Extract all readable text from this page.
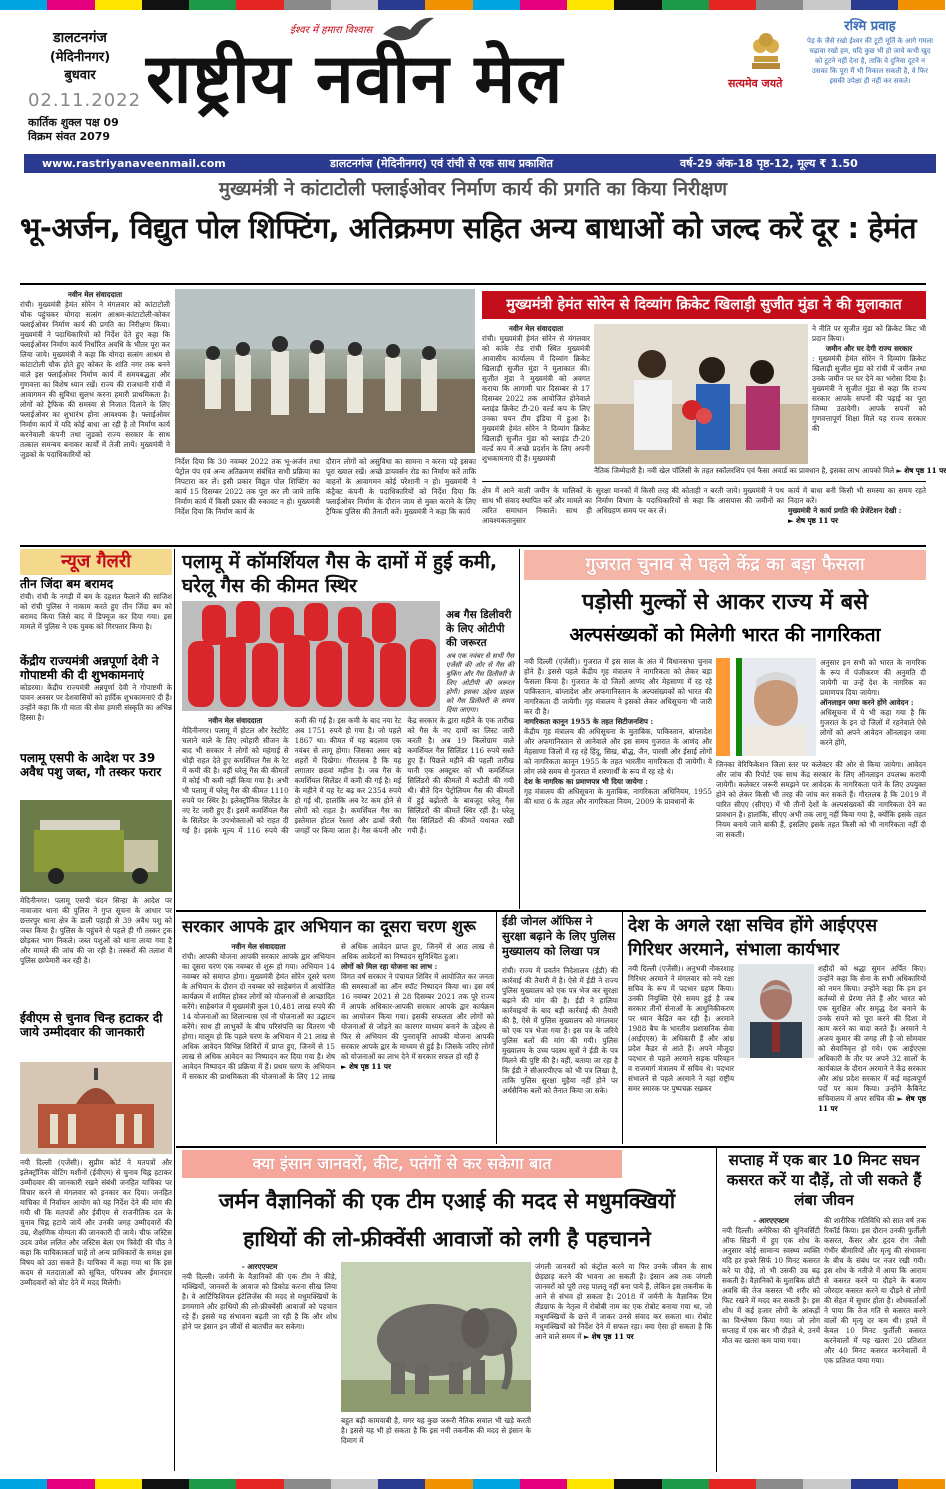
डालटनगंज
(मेदिनीनगर)
बुधवार
02.11.2022
कार्तिक शुक्ल पक्ष 09
विक्रम संवत 2079
ईश्वर में हमारा विश्वास
राष्ट्रीय नवीन मेल	सत्यमेव जयते
रश्मि प्रवाह
पेड़ के जैसे रखो ईश्वर की टूटी मूर्ति के आगे गमला चढ़ावा रखो हम, यदि कुछ भी हो जाये कभी खुद को टूटने नहीं देना है, ताकि वे दुनिया दूटने न उसका कि पूरा मैं भी निकाल सकती है, वे फिर इसकी उपेक्षा ही नहीं कर सकते।
www.rastriyanaveenmail.com	डालटनगंज (मेदिनीनगर) एवं रांची से एक साथ प्रकाशित	वर्ष-29 अंक-18 पृष्ठ-12, मूल्य ₹ 1.50
मुख्यमंत्री ने कांटाटोली फ्लाईओवर निर्माण कार्य की प्रगति का किया निरीक्षण
भू-अर्जन, विद्युत पोल शिफ्टिंग, अतिक्रमण सहित अन्य बाधाओं को जल्द करें दूर : हेमंत
नवीन मेल संवाददाता
रांची। मुख्यमंत्री हेमंत सोरेन ने मंगलवार को कांटाटोली चौक पहुंचकर योगदा सत्संग आश्रम-कांटाटोली-कोकर फ्लाईओवर निर्माण कार्य की प्रगति का निरीक्षण किया। मुख्यमंत्री ने पदाधिकारियों को निर्देश देते हुए कहा कि फ्लाईओवर निर्माण कार्य निर्धारित अवधि के भीतर पूरा कर लिया जाये। मुख्यमंत्री ने कहा कि योगदा सत्संग आश्रम से कांटाटोली चौक होते हुए कोकर के शांति नगर तक बनने वाले इस फ्लाईओवर निर्माण कार्य में समयबद्धता और गुणवत्ता का विशेष ध्यान रखें। राज्य की राजधानी रांची में आवागमन की सुविधा सुलभ करना हमारी प्राथमिकता है। लोगों को ट्रैफिक की समस्या से निजात दिलाने के लिए फ्लाईओवर का शुभारंभ होना आवश्यक है। फ्लाईओवर निर्माण कार्य में यदि कोई बाधा आ रही है तो निर्माण कार्य करनेवाली कंपनी तथा जुडको राज्य सरकार के साथ तत्काल समन्वय बनाकर कार्यों में तेजी लायें। मुख्यमंत्री ने जुडको के पदाधिकारियों को
निर्देश दिया कि 30 नवम्बर 2022 तक भू-अर्जन तथा पेट्रोल पंप एवं अन्य अतिक्रमण संबंधित सभी प्रक्रिया का निपटारा कर लें। इसी प्रकार विद्युत पोल शिफ्टिंग का कार्य 15 दिसम्बर 2022 तक पूरा कर ली जाये ताकि निर्माण कार्य में किसी प्रकार की रुकावट न हो। मुख्यमंत्री निर्देश दिया कि निर्माण कार्य के
दौरान लोगों को असुविधा का सामना न करना पड़े इसका पूरा ख्याल रखें। अच्छे डायवर्सन रोड का निर्माण करें ताकि वाहनों के आवागमन कोई परेशानी न हो। मुख्यमंत्री ने कंट्रैक्ट कंपनी के पदाधिकारियों को निर्देश दिया कि फ्लाईओवर निर्माण के दौरान जाम से मुक्त कराने के लिए ट्रैफिक पुलिस की तैनाती करें। मुख्यमंत्री ने कहा कि कार्य
मुख्यमंत्री हेमंत सोरेन से दिव्यांग क्रिकेट खिलाड़ी सुजीत मुंडा ने की मुलाकात
नवीन मेल संवाददाता
रांची। मुख्यमंत्री हेमंत सोरेन से मंगलवार को कांके रोड रांची स्थित मुख्यमंत्री आवासीय कार्यालय में दिव्यांग क्रिकेट खिलाड़ी सुजीत मुंडा ने मुलाकात की। सुजीत मुंडा ने मुख्यमंत्री को अवगत कराया कि आगामी चार दिसम्बर से 17 दिसम्बर 2022 तक आयोजित होनेवाले ब्लाइंड क्रिकेट टी-20 वर्ल्ड कप के लिए उनका चयन टीम इंडिया में हुआ है। मुख्यमंत्री हेमंत सोरेन ने दिव्यांग क्रिकेट खिलाड़ी सुजीत मुंडा को ब्लाइंड टी-20 वर्ल्ड कप में अच्छे प्रदर्शन के लिए अपनी शुभकामनाएं दीं हैं। मुख्यमंत्री
ने नीति पर सुजीत मुंडा को क्रिकेट किट भी प्रदान किया।
जमीन और घर देगी राज्य सरकार
: मुख्यमंत्री हेमंत सोरेन ने दिव्यांग क्रिकेट खिलाड़ी सुजीत मुंडा को रांची में जमीन तथा उनके जमीन पर घर देने का भरोसा दिया है। मुख्यमंत्री ने सुजीत मुंडा से कहा कि राज्य सरकार आपके सपनों की पढ़ाई का पूरा जिम्मा उठायेगी। आपके सपनों को गुणवत्तापूर्ण शिक्षा मिले यह राज्य सरकार की
नैतिक जिम्मेदारी है। नवी खेल पॉलिसी के तहत स्कॉलरशिप एवं फैसा अवार्ड का प्रावधान है, इसका लाभ आपको मिले ► शेष पृष्ठ 11 पर
क्षेत्र में आने वाली जमीन के मालिकों के साथ भी संवाद स्थापित करें और मामले का त्वरित समाधान निकालें। साथ ही आवश्यकतानुसार
सुरक्षा मानकों में किसी तरह की कोताही न बरती जाये। मुख्यमंत्री ने पथ निर्माण विभाग के पदाधिकारियों से कहा कि आसपास की जमीनों का अधिग्रहण समय पर कर लें।
कार्य में बाधा बनी किसी भी समस्या का समय रहते निदान करें।
मुख्यमंत्री ने कार्य प्रगति की प्रेजेंटेशन देखी :
► शेष पृष्ठ 11 पर
न्यूज गैलरी
तीन जिंदा बम बरामद
रांची। रांची के नगड़ी में बम के दहशत फैलाने की साजिश को रांची पुलिस ने नाकाम करते हुए तीन जिंदा बम को बरामद किया जिसे बाद में डिफ्यूज कर दिया गया। इस मामले में पुलिस ने एक युवक को गिरफ्तार किया है।
केंद्रीय राज्यमंत्री अन्नपूर्णा देवी ने गोपाष्टमी की दी शुभकामनाएं
कोडरमा। केंद्रीय राज्यमंत्री अन्नपूर्णा देवी ने गोपाष्टमी के पावन अवसर पर देशवासियों को हार्दिक शुभकामनाएं दी हैं। उन्होंने कहा कि गौ माता की सेवा हमारी संस्कृति का अभिन्न हिस्सा है।
पलामू एसपी के आदेश पर 39 अवैध पशु जब्त, गौ तस्कर फरार
मेदिनीनगर। पलामू एसपी चंदन सिन्हा के आदेश पर नावाजार थाना की पुलिस ने गुप्त सूचना के आधार पर छत्तरपुर थाना क्षेत्र के डाली पहाड़ी से 39 अवैध पशु को जब्त किया है। पुलिस के पहुंचने से पहले ही गौ तस्कर ट्रक छोड़कर भाग निकले। जब्त पशुओं को थाना लाया गया है और मामले की जांच की जा रही है। तस्करों की तलाश में पुलिस छापेमारी कर रही है।
ईवीएम से चुनाव चिन्ह हटाकर दी जाये उम्मीदवार की जानकारी
नयी दिल्ली (एजेंसी)। सुप्रीम कोर्ट ने मतपत्रों और इलेक्ट्रॉनिक वोटिंग मशीनों (ईवीएम) से चुनाव चिह्न हटाकर उम्मीदवार की जानकारी रखने संबंधी जनहित याचिका पर विचार करने से मंगलवार को इनकार कर दिया। जनहित याचिका में निर्वाचन आयोग को यह निर्देश देने की मांग की गयी थी कि मतपत्रों और ईवीएम से राजनीतिक दल के चुनाव चिह्न हटाये जायें और उनकी जगह उम्मीदवारों की उम्र, शैक्षणिक योग्यता की जानकारी दी जाये। चीफ जस्टिस उदय उमेश ललित और जस्टिस बेला एम त्रिवेदी की पीठ ने कहा कि याचिकाकर्ता चाहें तो अन्य प्राधिकारों के समक्ष इस विषय को उठा सकते हैं। याचिका में कहा गया था कि इस कदम से मतदाताओं को सूचित, परिपक्व और ईमानदार उम्मीदवारों को वोट देने में मदद मिलेगी।
पलामू में कॉमर्शियल गैस के दामों में हुई कमी, घरेलू गैस की कीमत स्थिर
अब गैस डिलीवरी के लिए ओटीपी की जरूरत
अब एक नवंबर से सभी गैस एजेंसी की ओर से गैस की बुकिंग और गैस डिलीवरी के लिए ओटीपी की जरूरत होगी। इसका उद्देश्य ग्राहक को गैस डिलीवरी के समय दिया जाएगा।
नवीन मेल संवाददाता
मेदिनीनगर। पलामू में होटल और रेस्टोरेंट चलाने वाले के लिए त्योहारी सीजन के बाद भी सरकार ने लोगों को महंगाई से थोड़ी राहत देते हुए कमर्शियल गैस के रेट में कमी की है। वहीं घरेलू गैस की कीमतों में कोई भी कमी नहीं किया गया है। अभी भी पलामू में घरेलू गैस की कीमत 1110 रुपये पर स्थिर है। इलेक्ट्रॉनिक सिलेंडर के नए रेट जारी हुए हैं। इसमें कमर्शियल गैस के सिलेंडर के उपभोक्ताओं को राहत दी गई है। इसके मूल्य में 116 रुपये की कमी की गई है। इस कमी के बाद नया रेट अब 1751 रुपये हो गया है। जो पहले 1867 था। कीमत में यह बदलाव एक नवंबर से लागू होगा। जिसका असर बड़े शहरों में दिखेगा। गौरतलब है कि यह लगातार छठवां महीना है। जब गैस के कमर्शियल सिलेंडर में कमी की गई है। मई के महीने में यह रेट बढ़ कर 2354 रुपये हो गई थी, हालांकि अब रेट कम होने से लोगों को राहत है। कमर्शियल गैस का इस्तेमाल होटल रेस्तरां और ढाबों जैसी जगहों पर किया जाता है। गैस कंपनी और केंद्र सरकार के द्वारा महीने के एक तारीख को गैस के नए दामों का लिस्ट जारी करती है। अब 19 किलोग्राम वाले कमर्शियल गैस सिलिंडर 116 रुपये सस्ते हुए हैं। पिछले महीने की पहली तारीख यानी एक अक्टूबर को भी कमर्शियल सिलिंडरों की कीमतों में कटौती की गयी थी। बीते दिन पेट्रोलियम गैस की कीमतों में हुई बढ़ोतरी के बावजूद घरेलू गैस सिलिंडरों की कीमतें स्थिर रहीं हैं। घरेलू गैस सिलिंडरों की कीमतें यथावत रखी गयी हैं।
गुजरात चुनाव से पहले केंद्र का बड़ा फैसला
पड़ोसी मुल्कों से आकर राज्य में बसे
अल्पसंख्यकों को मिलेगी भारत की नागरिकता
नयी दिल्ली (एजेंसी)। गुजरात में इस साल के अंत में विधानसभा चुनाव होने हैं। इससे पहले केंद्रीय गृह मंत्रालय ने नागरिकता को लेकर बड़ा फैसला किया है। गुजरात के दो जिलों आणंद और मेहसाणा में रह रहे पाकिस्तान, बांग्लादेश और अफगानिस्तान के अल्पसंख्यकों को भारत की नागरिकता दी जायेगी। गृह मंत्रालय ने इसको लेकर अधिसूचना भी जारी कर दी है।
नागरिकता कानून 1955 के तहत सिटीजनशिप :
केंद्रीय गृह मंत्रालय की अधिसूचना के मुताबिक, पाकिस्तान, बांग्लादेश और अफगानिस्तान से आनेवाले और इस समय गुजरात के आणंद और मेहसाणा जिलों में रह रहे हिंदू, सिख, बौद्ध, जैन, पारसी और ईसाई लोगों को नागरिकता कानून 1955 के तहत भारतीय नागरिकता दी जायेगी। ये लोग लंबे समय से गुजरात में शरणार्थी के रूप में रह रहे थे।
देश के नागरिक का प्रमाणपत्र भी दिया जायेगा :
गृह मंत्रालय की अधिसूचना के मुताबिक, नागरिकता अधिनियम, 1955 की धारा 6 के तहत और नागरिकता नियम, 2009 के प्रावधानों के
जिनका वेरिफिकेशन जिला स्तर पर कलेक्टर की ओर से किया जायेगा। आवेदन और जांच की रिपोर्ट एक साथ केंद्र सरकार के लिए ऑनलाइन उपलब्ध करायी जायेगी। कलेक्टर जरूरी समझने पर आवेदक के नागरिकता पाने के लिए उपयुक्त होने को लेकर किसी भी तरह की जांच कर सकते हैं। गौरतलब है कि 2019 में पारित सीएए (सीएए) में भी तीनों देशों के अल्पसंख्यकों की नागरिकता देने का प्रावधान है। हालांकि, सीएए अभी तक लागू नहीं किया गया है, क्योंकि इसके तहत नियम बनाये जाने बाकी हैं, इसलिए इसके तहत किसी को भी नागरिकता नहीं दी जा सकती।
अनुसार इन सभी को भारत के नागरिक के रूप में पंजीकरण की अनुमति दी जायेगी या उन्हें देश के नागरिक का प्रमाणपत्र दिया जायेगा।
ऑनलाइन जमा करने होंगे आवेदन :
अधिसूचना में ये भी कहा गया है कि गुजरात के इन दो जिलों में रहनेवाले ऐसे लोगों को अपने आवेदन ऑनलाइन जमा करने होंगे,
सरकार आपके द्वार अभियान का दूसरा चरण शुरू
नवीन मेल संवाददाता
रांची। आपकी योजना आपकी सरकार आपके द्वार अभियान का दूसरा चरण एक नवम्बर से शुरू हो गया। अभियान 14 नवम्बर को समाप्त होगा। मुख्यमंत्री हेमंत सोरेन दूसरे चरण के अभियान के दौरान दो नवम्बर को साहेबगंज में आयोजित कार्यक्रम में शामिल होकर लोगों को योजनाओं से आच्छादित करेंगे। साहेबगंज में मुख्यमंत्री कुल 10,481 लाख रुपये की 14 योजनाओं का शिलान्यास एवं नौ योजनाओं का उद्घाटन करेंगे। साथ ही लाभुकों के बीच परिसंपत्ति का वितरण भी होगा। मालूम हो कि पहले चरण के अभियान में 21 लाख से अधिक आवेदन विभिन्न शिविरों में प्राप्त हुए, जिनमें से 15 लाख से अधिक आवेदन का निष्पादन कर दिया गया है। शेष आवेदन निष्पादन की प्रक्रिया में हैं। प्रथम चरण के अभियान में सरकार की प्राथमिकता की योजनाओं के लिए 12 लाख से अधिक आवेदन प्राप्त हुए, जिनमें से आठ लाख से अधिक आवेदनों का निष्पादन सुनिश्चित हुआ।
लोगों को मिल रहा योजना का लाभ :
विगत वर्ष सरकार ने पंचायत शिविर में आयोजित कर जनता की समस्याओं का ऑन स्पॉट निष्पादन किया था। इस वर्ष 16 नवम्बर 2021 से 28 दिसम्बर 2021 तक पूरे राज्य में आपके अधिकार-आपकी सरकार आपके द्वार कार्यक्रम का आयोजन किया गया। इसकी सफलता और लोगों को योजनाओं से जोड़ने का कारगर माध्यम बनाने के उद्देश्य से फिर से अभियान की पुनरावृत्ति आपकी योजना आपकी सरकार आपके द्वार के माध्यम से हुई है। जिसके जरिए लोगों को योजनाओं का लाभ देने में सरकार सफल हो रही है
► शेष पृष्ठ 11 पर
ईडी जोनल ऑफिस ने सुरक्षा बढ़ाने के लिए पुलिस मुख्यालय को लिखा पत्र
रांची। राज्य में प्रवर्तन निदेशालय (ईडी) की कार्रवाई की तैयारी में है। ऐसे में ईडी ने राज्य पुलिस मुख्यालय को एक पत्र भेज कर सुरक्षा बढ़ाने की मांग की है। ईडी ने हालिया कार्रवाइयों के बाद बड़ी कार्रवाई की तैयारी की है, ऐसे में पुलिस मुख्यालय को मंगलवार को एक पत्र भेजा गया है। इस पत्र के जरिये पुलिस बलों की मांग की गयी। पुलिस मुख्यालय के उच्च पदस्थ सूत्रों ने ईडी के पत्र मिलने की पुष्टि की है। वहीं, बताया जा रहा है कि ईडी ने सीआरपीएफ को भी पत्र लिखा है, ताकि पुलिस सुरक्षा मुहैया नहीं होने पर अर्धसैनिक बलों को तैनात किया जा सके।
देश के अगले रक्षा सचिव होंगे आईएएस गिरिधर अरमाने, संभाला कार्यभार
नयी दिल्ली (एजेंसी)। अनुभवी नौकरशाह गिरिधर अरमाने ने मंगलवार को नये रक्षा सचिव के रूप में पदभार ग्रहण किया। उनकी नियुक्ति ऐसे समय हुई है जब सरकार तीनों सेनाओं के आधुनिकीकरण पर ध्यान केंद्रित कर रही है। अरमाने 1988 बैच के भारतीय प्रशासनिक सेवा (आईएएस) के अधिकारी हैं और आंध्र प्रदेश कैडर से आते हैं। अपने मौजूदा पदभार से पहले अरमाने सड़क परिवहन व राजमार्ग मंत्रालय में सचिव थे। पदभार संभालने से पहले अरमाने ने यहां राष्ट्रीय समर स्मारक पर पुष्पचक्र रखकर
शहीदों को श्रद्धा सुमन अर्पित किए। उन्होंने कहा कि सेना के सभी अधिकारियों को नमन किया। उन्होंने कहा कि हम इन कर्तव्यों से प्रेरणा लेते हैं और भारत को एक सुरक्षित और समृद्ध देश बनाने के उनके सपने को पूरा करने की दिशा में काम करने का वादा करते हैं। अरमाने ने अजय कुमार की जगह ली है जो सोमवार को सेवानिवृत्त हो गये। एक आईएएस अधिकारी के तौर पर अपने 32 सालों के कार्यकाल के दौरान अरमाने ने केंद्र सरकार और आंध्र प्रदेश सरकार में कई महत्वपूर्ण पदों पर काम किया। उन्होंने कैबिनेट सचिवालय में अपर सचिव की ► शेष पृष्ठ 11 पर
क्या इंसान जानवरों, कीट, पतंगों से कर सकेगा बात
जर्मन वैज्ञानिकों की एक टीम एआई की मदद से मधुमक्खियों
हाथियों की लो-फ्रीक्वेंसी आवाजों को लगी है पहचानने
- आरएएफ्टम
नयी दिल्ली। जर्मनी के वैज्ञानिकों की एक टीम ने कीड़े, मक्खियों, जानवरों के आवाज को डिकोड करना सीख लिया है। वे आर्टिफिशियल इंटेलिजेंस की मदद से मधुमक्खियों के डगमगाने और हाथियों की लो-फ्रीक्वेंसी आवाजों को पहचान रहे हैं। इससे यह संभावना बढ़ती जा रही है कि और शोध होने पर इंसान इन जीवों से बातचीत कर सकेगा।
बहुत बड़ी कामयाबी है, मगर यह कुछ जरूरी नैतिक सवाल भी खड़े करती है। इससे यह भी हो सकता है कि इस नयी तकनीक की मदद से इंसान के दिमाग में
जंगली जानवरों को कंट्रोल करने या फिर उनके जीवन के साथ छेड़छाड़ करने की भावना आ सकती है। इंसान अब तक जंगली जानवरों को पूरी तरह पालतू नहीं बना पाये हैं, लेकिन इस तकनीक के आने से संभव हो सकता है। 2018 में जर्मनी के वैज्ञानिक टिम लैंडग्राफ के नेतृत्व में रोबोबी नाम का एक रोबोट बनाया गया था, जो मधुमक्खियों के छत्ते में जाकर उनसे संवाद कर सकता था। रोबोट मधुमक्खियों को निर्देश देने में सफल रहा। क्या ऐसा हो सकता है कि आने वाले समय में ► शेष पृष्ठ 11 पर
सप्ताह में एक बार 10 मिनट सघन कसरत करें या दौड़ें, तो जी सकते हैं लंबा जीवन
- आरएएफ्टम
नयी दिल्ली। अमेरिका की यूनिवर्सिटी ऑफ सिडनी में हुए एक शोध के अनुसार कोई सामान्य स्वस्थ्य व्यक्ति यदि हर हफ्ते सिर्फ 10 मिनट कसरत करे या दौड़े, तो भी उसकी उम्र बढ़ सकती है। वैज्ञानिकों के मुताबिक छोटी अवधि की तेज कसरत भी शरीर को फिट रखने में मदद कर सकती है। इस शोध में कई हजार लोगों के आंकड़ों का विश्लेषण किया गया। जो लोग सप्ताह में एक बार भी दौड़ते थे, उनमें मौत का खतरा कम पाया गया।
की शारीरिक गतिविधि को सात वर्ष तक रिकॉर्ड किया। इस दौरान उनकी फुर्तीली कसरत, कैंसर और हृदय रोग जैसी गंभीर बीमारियों और मृत्यु की संभावना के बीच के संबंध पर नजर रखी गयी। इस शोध के नतीजे में आया कि आराम से कसरत करने या दौड़ने के बजाय जोरदार कसरत करने या दौड़ने से लोगों की सेहत में सुधार होता है। शोधकर्ताओं ने पाया कि तेज गति से कसरत करने वालों की मृत्यु दर कम थी। हफ्ते में केवल 10 मिनट फुर्तीली कसरत करनेवालों में यह खतरा 20 प्रतिशत और 40 मिनट कसरत करनेवालों में एक प्रतिशत पाया गया।
